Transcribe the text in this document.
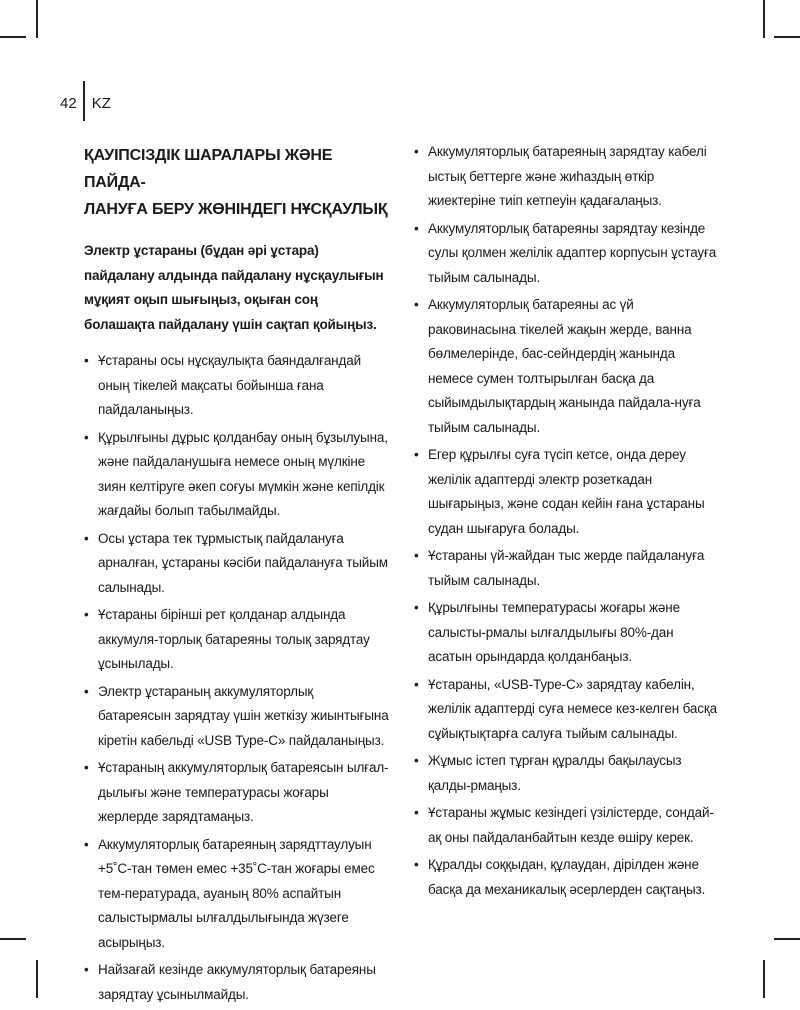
42 KZ
ҚАУІПСІЗДІК ШАРАЛАРЫ ЖӘНЕ ПАЙДА-
ЛАНУҒА БЕРУ ЖӨНІНДЕГІ НҰСҚАУЛЫҚ

Электр ұстараны (бұдан әрі ұстара) пайдалану алдында пайдалану нұсқаулығын мұқият оқып шығыңыз, оқыған соң болашақта пайдалану үшін сақтап қойыңыз.

• Ұстараны осы нұсқаулықта баяндалғандай оның тікелей мақсаты бойынша ғана пайдаланыңыз.
• Құрылғыны дұрыс қолданбау оның бұзылуына, және пайдаланушыға немесе оның мүлкіне зиян келтіруге әкеп соғуы мүмкін және кепілдік жағдайы болып табылмайды.
• Осы ұстара тек тұрмыстық пайдалануға арналған, ұстараны кәсіби пайдалануға тыйым салынады.
• Ұстараны бірінші рет қолданар алдында аккумуля-торлық батареяны толық зарядтау ұсынылады.
• Электр ұстараның аккумуляторлық батареясын зарядтау үшін жеткізу жиынтығына кіретін кабельді «USB Type-C» пайдаланыңыз.
• Ұстараның аккумуляторлық батареясын ылғал-дылығы және температурасы жоғары жерлерде зарядтамаңыз.
• Аккумуляторлық батареяның зарядттаулуын +5˚С-тан төмен емес +35˚С-тан жоғары емес тем-пературада, ауаның 80% аспайтын салыстырмалы ылғалдылығында жүзеге асырыңыз.
• Найзағай кезінде аккумуляторлық батареяны зарядтау ұсынылмайды.
• Аккумуляторлық батареяның зарядтау кабелі ыстық беттерге және жиһаздың өткір жиектеріне тиіп кетпеуін қадағалаңыз.
• Аккумуляторлық батареяны зарядтау кезінде сулы қолмен желілік адаптер корпусын ұстауға тыйым салынады.
• Аккумуляторлық батареяны ас үй раковинасына тікелей жақын жерде, ванна бөлмелерінде, бас-сейндердің жанында немесе сумен толтырылған басқа да сыйымдылықтардың жанында пайдала-нуға тыйым салынады.
• Егер құрылғы суға түсіп кетсе, онда дереу желілік адаптерді электр розеткадан шығарыңыз, және содан кейін ғана ұстараны судан шығаруға болады.
• Ұстараны үй-жайдан тыс жерде пайдалануға тыйым салынады.
• Құрылғыны температурасы жоғары және салысты-рмалы ылғалдылығы 80%-дан асатын орындарда қолданбаңыз.
• Ұстараны, «USB-Type-C» зарядтау кабелін, желілік адаптерді суға немесе кез-келген басқа сұйықтықтарға салуға тыйым салынады.
• Жұмыс істеп тұрған құралды бақылаусыз қалды-рмаңыз.
• Ұстараны жұмыс кезіндегі үзілістерде, сондай-ақ оны пайдаланбайтын кезде өшіру керек.
• Құралды соққыдан, құлаудан, дірілден және басқа да механикалық әсерлерден сақтаңыз.
